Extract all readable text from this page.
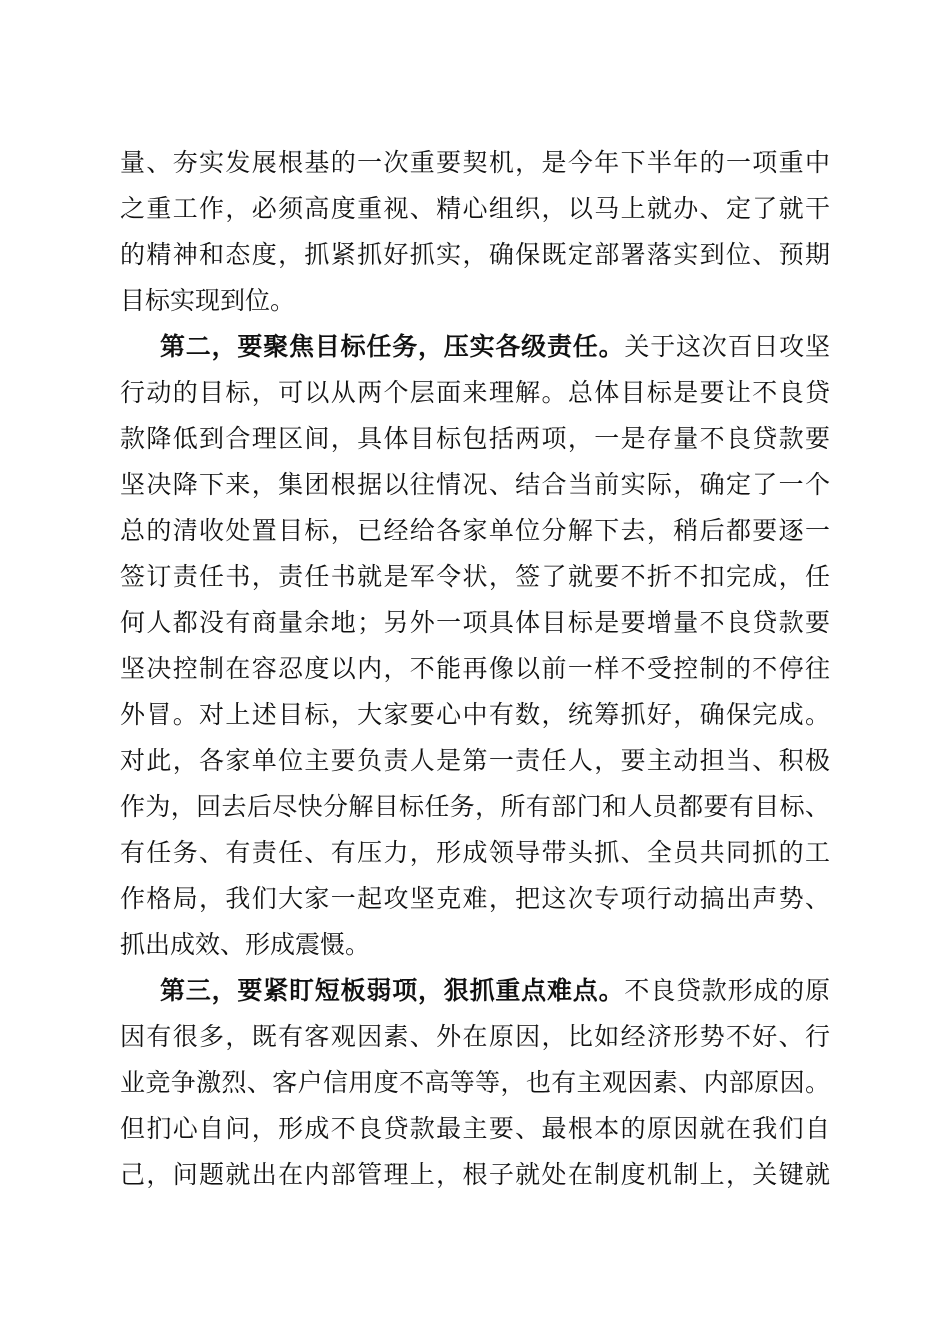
量、夯实发展根基的一次重要契机，是今年下半年的一项重中
之重工作，必须高度重视、精心组织，以马上就办、定了就干
的精神和态度，抓紧抓好抓实，确保既定部署落实到位、预期
目标实现到位。
第二，要聚焦目标任务，压实各级责任。关于这次百日攻坚
行动的目标，可以从两个层面来理解。总体目标是要让不良贷
款降低到合理区间，具体目标包括两项，一是存量不良贷款要
坚决降下来，集团根据以往情况、结合当前实际，确定了一个
总的清收处置目标，已经给各家单位分解下去，稍后都要逐一
签订责任书，责任书就是军令状，签了就要不折不扣完成，任
何人都没有商量余地；另外一项具体目标是要增量不良贷款要
坚决控制在容忍度以内，不能再像以前一样不受控制的不停往
外冒。对上述目标，大家要心中有数，统筹抓好，确保完成。
对此，各家单位主要负责人是第一责任人，要主动担当、积极
作为，回去后尽快分解目标任务，所有部门和人员都要有目标、
有任务、有责任、有压力，形成领导带头抓、全员共同抓的工
作格局，我们大家一起攻坚克难，把这次专项行动搞出声势、
抓出成效、形成震慑。
第三，要紧盯短板弱项，狠抓重点难点。不良贷款形成的原
因有很多，既有客观因素、外在原因，比如经济形势不好、行
业竞争激烈、客户信用度不高等等，也有主观因素、内部原因。
但扪心自问，形成不良贷款最主要、最根本的原因就在我们自
己，问题就出在内部管理上，根子就处在制度机制上，关键就
